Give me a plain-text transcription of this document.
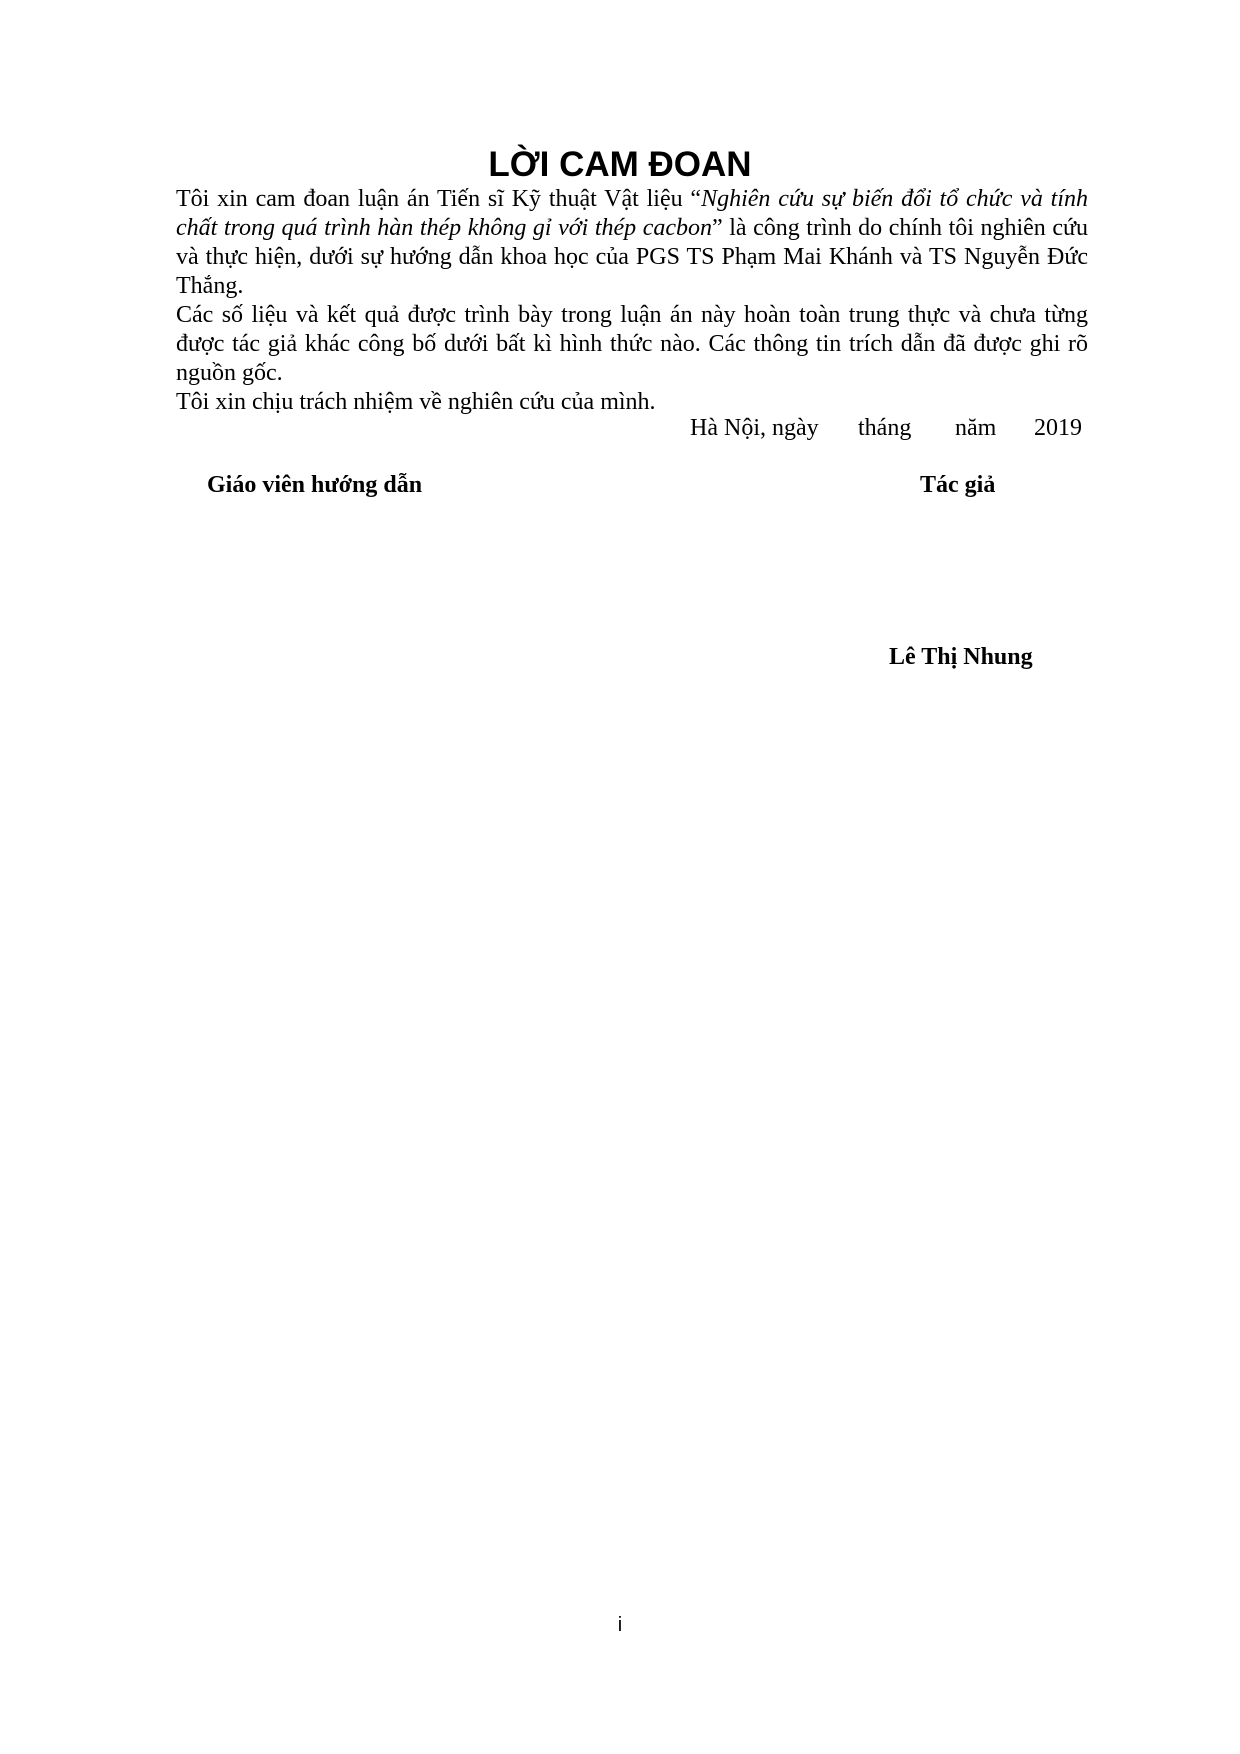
LỜI CAM ĐOAN

Tôi xin cam đoan luận án Tiến sĩ Kỹ thuật Vật liệu “Nghiên cứu sự biến đổi tổ chức và tính chất trong quá trình hàn thép không gỉ với thép cacbon” là công trình do chính tôi nghiên cứu và thực hiện, dưới sự hướng dẫn khoa học của PGS TS Phạm Mai Khánh và TS Nguyễn Đức Thắng.

Các số liệu và kết quả được trình bày trong luận án này hoàn toàn trung thực và chưa từng được tác giả khác công bố dưới bất kì hình thức nào. Các thông tin trích dẫn đã được ghi rõ nguồn gốc.

Tôi xin chịu trách nhiệm về nghiên cứu của mình.

Hà Nội, ngày tháng năm 2019
Giáo viên hướng dẫn	Tác giả
Lê Thị Nhung
i
